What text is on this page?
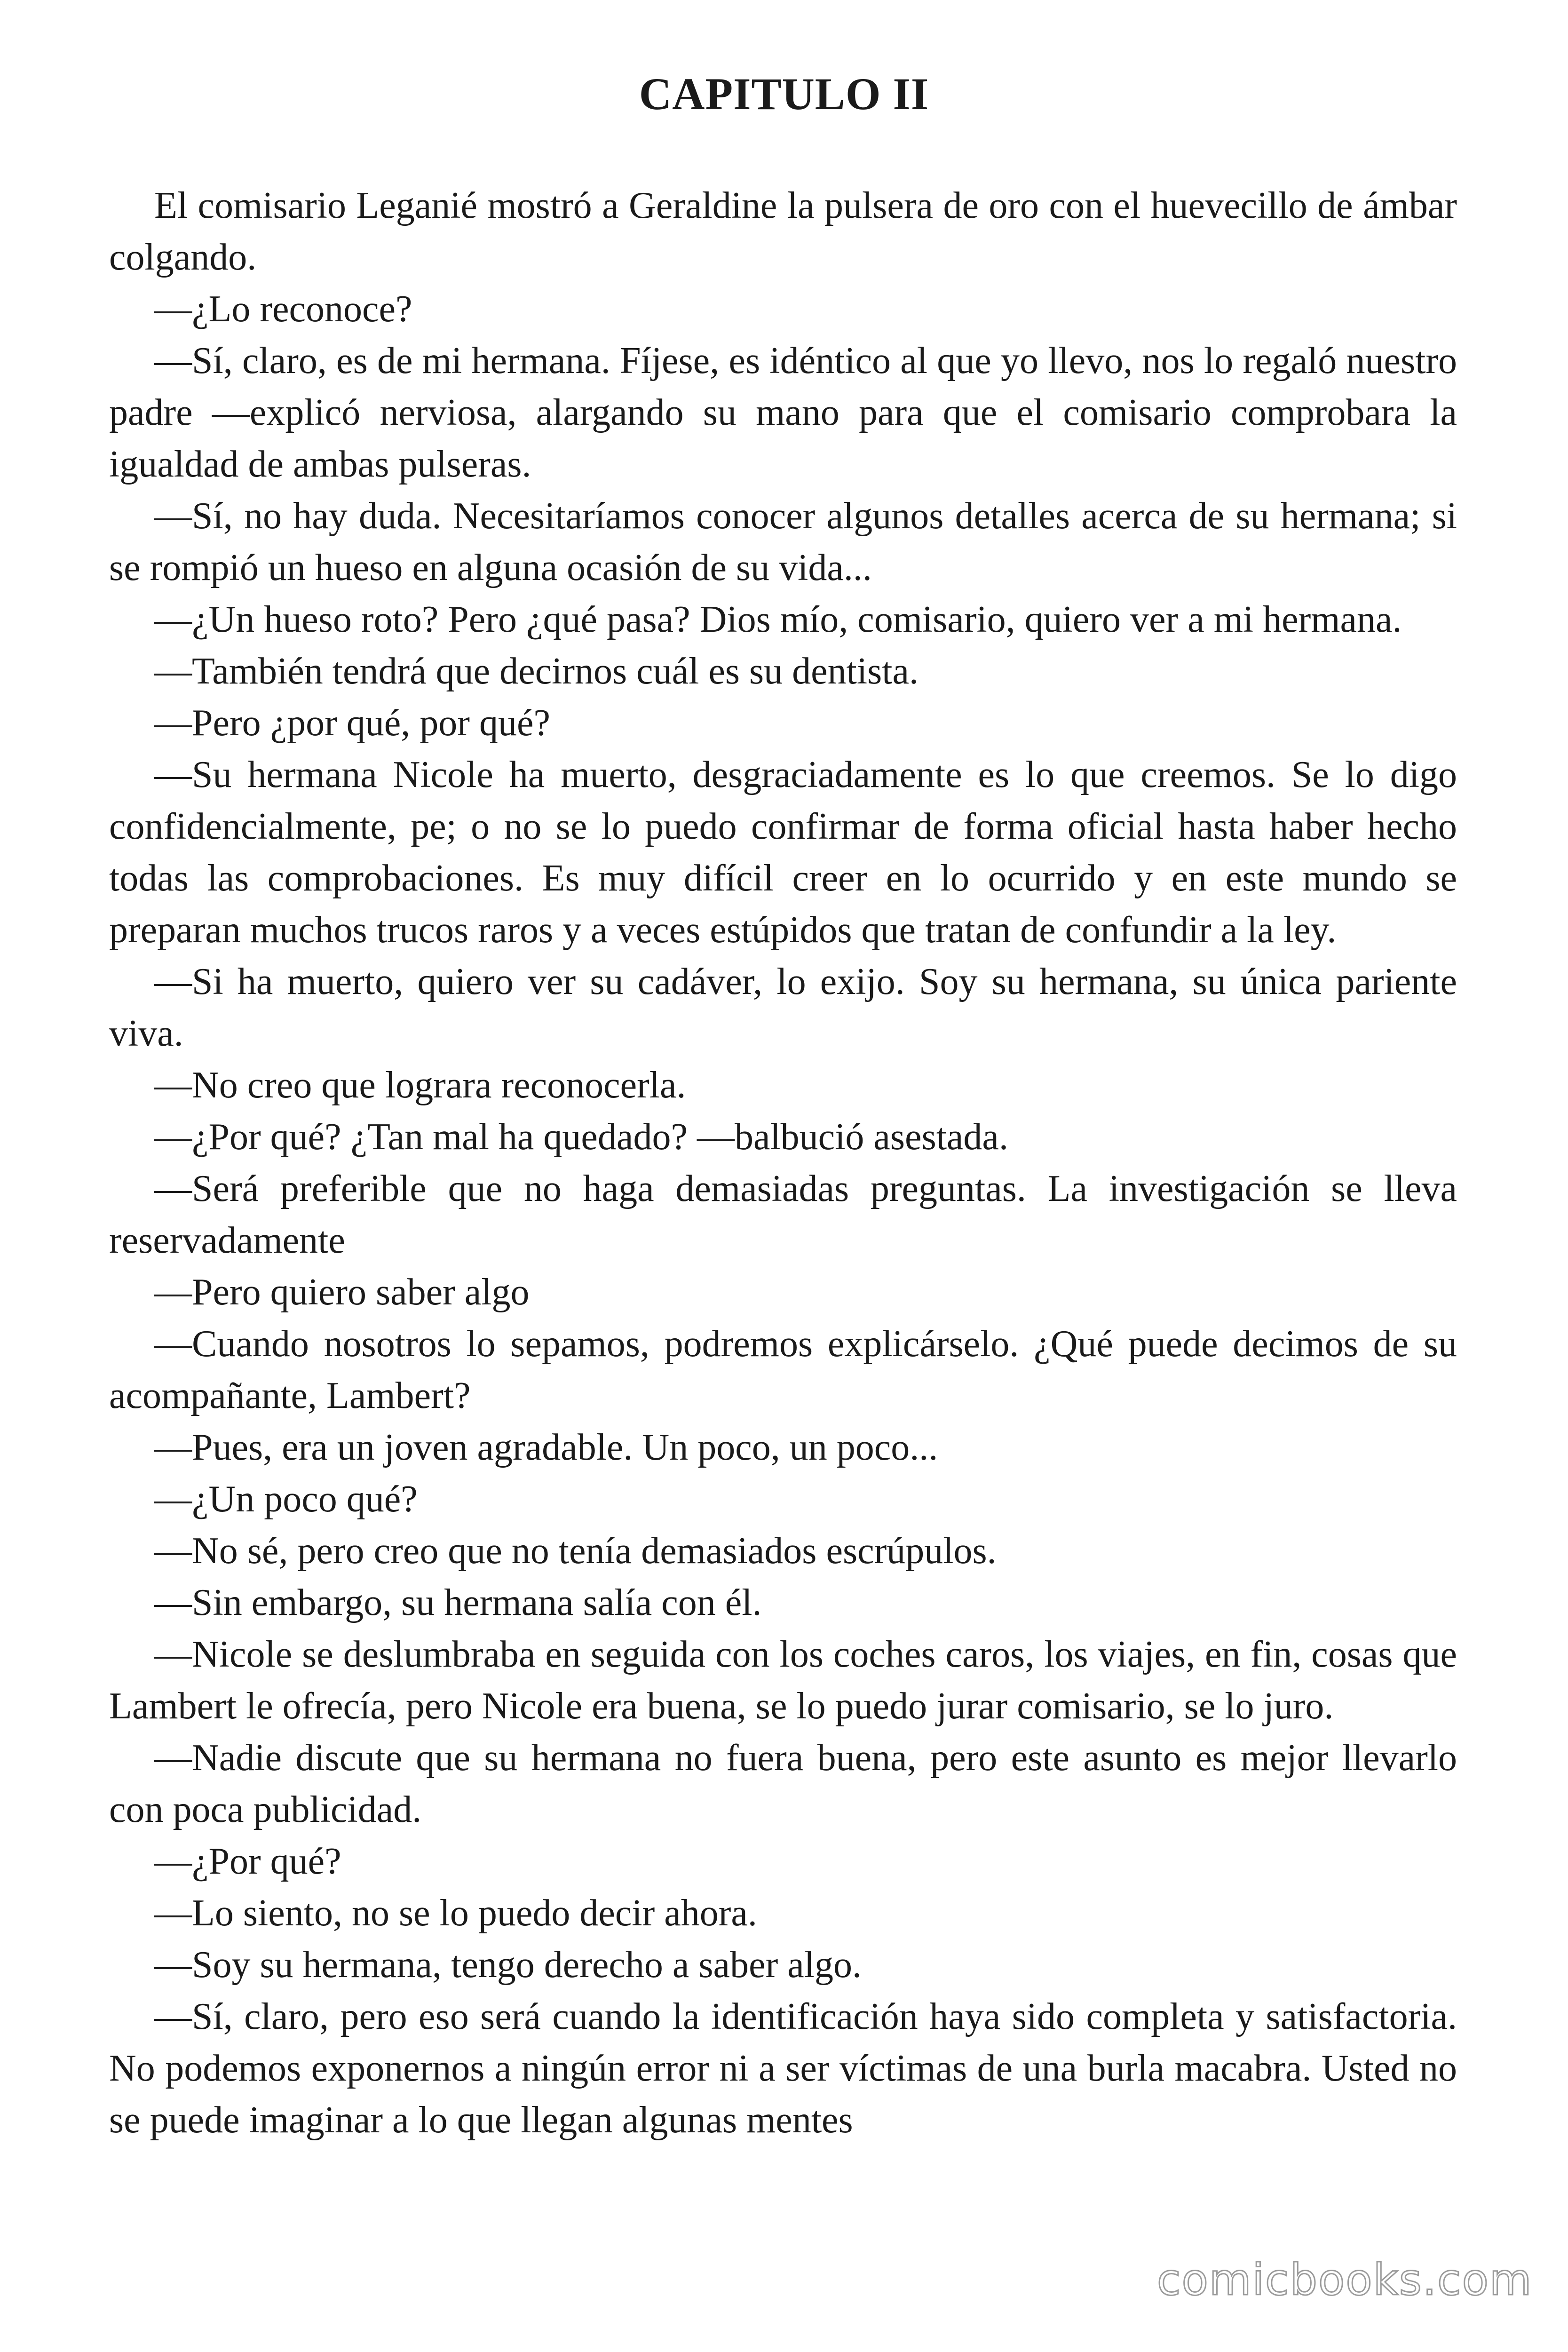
CAPITULO II

El comisario Leganié mostró a Geraldine la pulsera de oro con el huevecillo de ámbar colgando.

—¿Lo reconoce?

—Sí, claro, es de mi hermana. Fíjese, es idéntico al que yo llevo, nos lo regaló nuestro padre —explicó nerviosa, alargando su mano para que el comisario comprobara la igualdad de ambas pulseras.

—Sí, no hay duda. Necesitaríamos conocer algunos detalles acerca de su hermana; si se rompió un hueso en alguna ocasión de su vida...

—¿Un hueso roto? Pero ¿qué pasa? Dios mío, comisario, quiero ver a mi hermana.

—También tendrá que decirnos cuál es su dentista.

—Pero ¿por qué, por qué?

—Su hermana Nicole ha muerto, desgraciadamente es lo que creemos. Se lo digo confidencialmente, pe; o no se lo puedo confirmar de forma oficial hasta haber hecho todas las comprobaciones. Es muy difícil creer en lo ocurrido y en este mundo se preparan muchos trucos raros y a veces estúpidos que tratan de confundir a la ley.

—Si ha muerto, quiero ver su cadáver, lo exijo. Soy su hermana, su única pariente viva.

—No creo que lograra reconocerla.

—¿Por qué? ¿Tan mal ha quedado? —balbució asestada.

—Será preferible que no haga demasiadas preguntas. La investigación se lleva reservadamente

—Pero quiero saber algo

—Cuando nosotros lo sepamos, podremos explicárselo. ¿Qué puede decimos de su acompañante, Lambert?

—Pues, era un joven agradable. Un poco, un poco...

—¿Un poco qué?

—No sé, pero creo que no tenía demasiados escrúpulos.

—Sin embargo, su hermana salía con él.

—Nicole se deslumbraba en seguida con los coches caros, los viajes, en fin, cosas que Lambert le ofrecía, pero Nicole era buena, se lo puedo jurar comisario, se lo juro.

—Nadie discute que su hermana no fuera buena, pero este asunto es mejor llevarlo con poca publicidad.

—¿Por qué?

—Lo siento, no se lo puedo decir ahora.

—Soy su hermana, tengo derecho a saber algo.

—Sí, claro, pero eso será cuando la identificación haya sido completa y satisfactoria. No podemos exponernos a ningún error ni a ser víctimas de una burla macabra. Usted no se puede imaginar a lo que llegan algunas mentes

comicbooks.com
